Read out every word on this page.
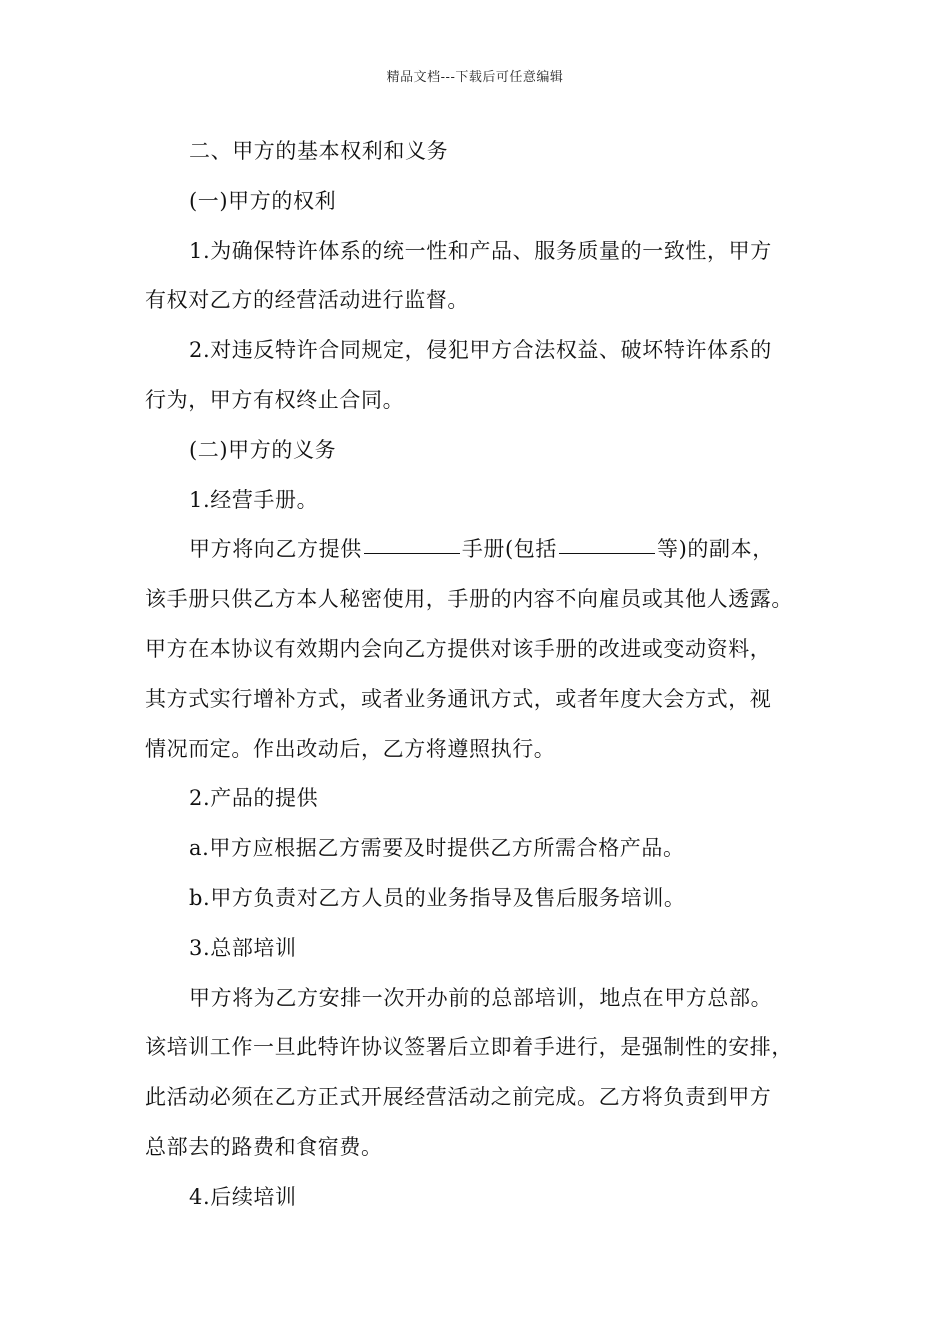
精品文档---下载后可任意编辑
二、甲方的基本权利和义务
(一)甲方的权利
1.为确保特许体系的统一性和产品、服务质量的一致性，甲方
有权对乙方的经营活动进行监督。
2.对违反特许合同规定，侵犯甲方合法权益、破坏特许体系的
行为，甲方有权终止合同。
(二)甲方的义务
1.经营手册。
甲方将向乙方提供	手册(包括	等)的副本，
该手册只供乙方本人秘密使用，手册的内容不向雇员或其他人透露。
甲方在本协议有效期内会向乙方提供对该手册的改进或变动资料，
其方式实行增补方式，或者业务通讯方式，或者年度大会方式，视
情况而定。作出改动后，乙方将遵照执行。
2.产品的提供
a.甲方应根据乙方需要及时提供乙方所需合格产品。
b.甲方负责对乙方人员的业务指导及售后服务培训。
3.总部培训
甲方将为乙方安排一次开办前的总部培训，地点在甲方总部。
该培训工作一旦此特许协议签署后立即着手进行，是强制性的安排，
此活动必须在乙方正式开展经营活动之前完成。乙方将负责到甲方
总部去的路费和食宿费。
4.后续培训
